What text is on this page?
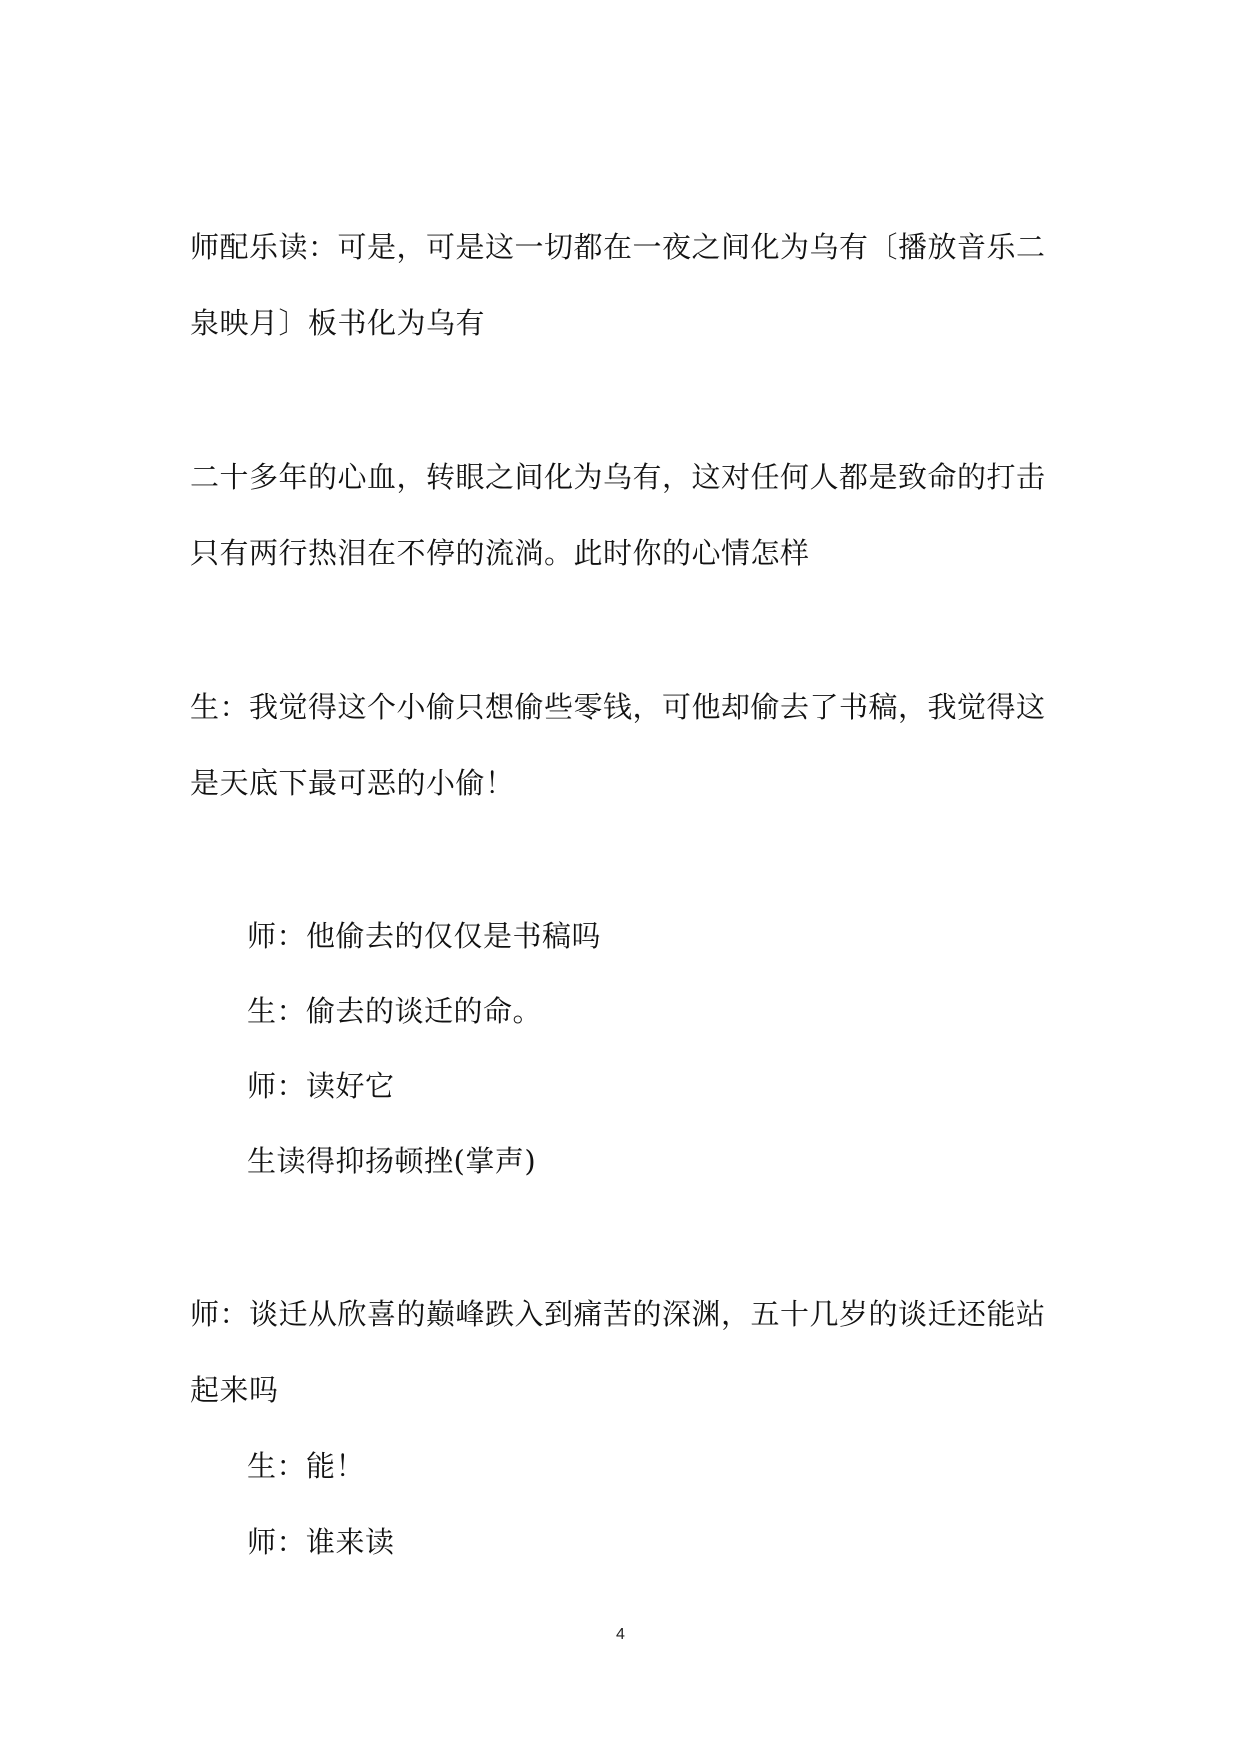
师配乐读：可是，可是这一切都在一夜之间化为乌有〔播放音乐二
泉映月〕板书化为乌有
二十多年的心血，转眼之间化为乌有，这对任何人都是致命的打击
只有两行热泪在不停的流淌。此时你的心情怎样
生：我觉得这个小偷只想偷些零钱，可他却偷去了书稿，我觉得这
是天底下最可恶的小偷！
师：他偷去的仅仅是书稿吗
生：偷去的谈迁的命。
师：读好它
生读得抑扬顿挫(掌声)
师：谈迁从欣喜的巅峰跌入到痛苦的深渊，五十几岁的谈迁还能站
起来吗
生：能！
师：谁来读
4
